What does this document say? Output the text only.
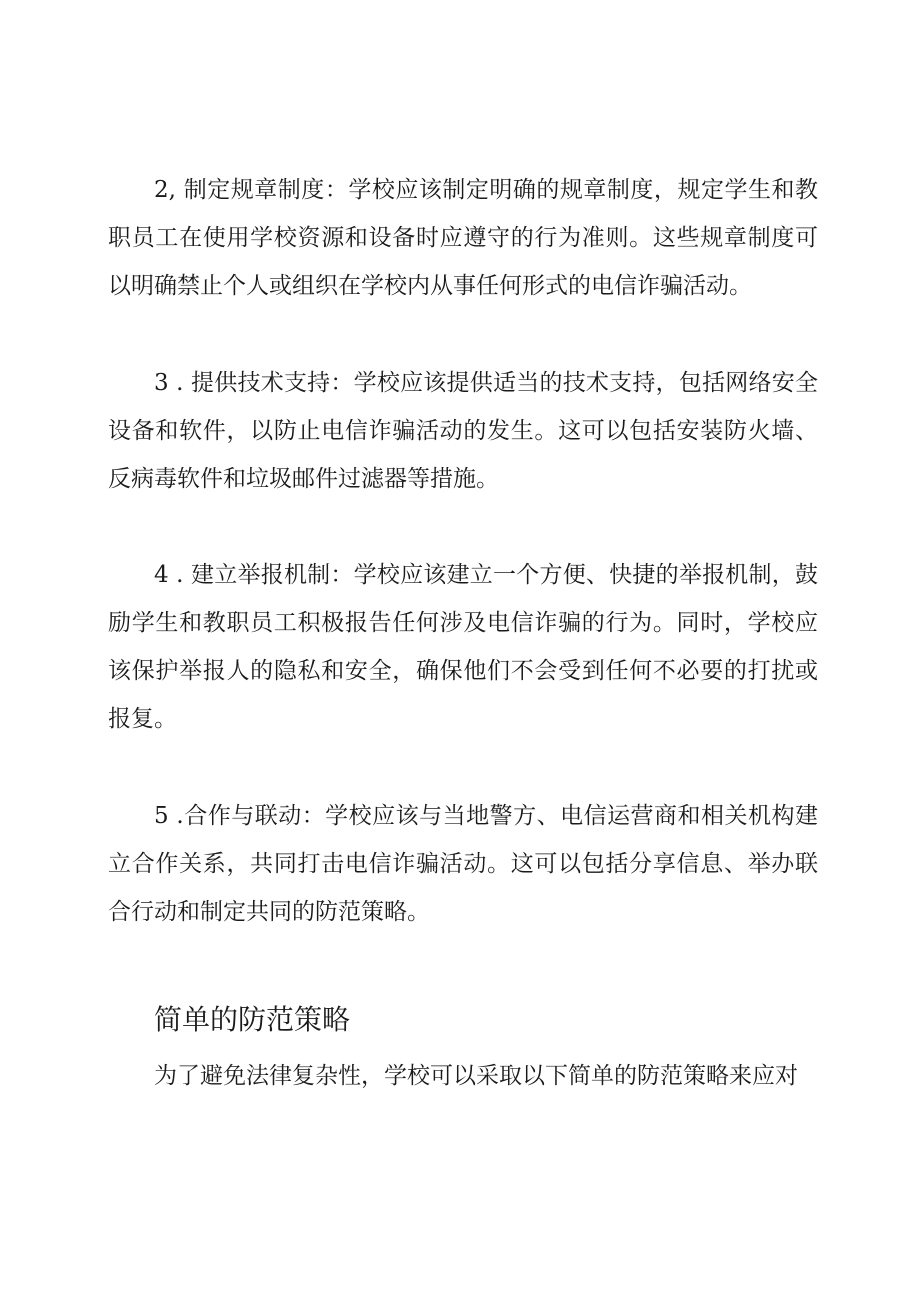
2, 制定规章制度：学校应该制定明确的规章制度，规定学生和教职员工在使用学校资源和设备时应遵守的行为准则。这些规章制度可以明确禁止个人或组织在学校内从事任何形式的电信诈骗活动。

3 . 提供技术支持：学校应该提供适当的技术支持，包括网络安全设备和软件，以防止电信诈骗活动的发生。这可以包括安装防火墙、反病毒软件和垃圾邮件过滤器等措施。

4 . 建立举报机制：学校应该建立一个方便、快捷的举报机制，鼓励学生和教职员工积极报告任何涉及电信诈骗的行为。同时，学校应该保护举报人的隐私和安全，确保他们不会受到任何不必要的打扰或报复。

5 .合作与联动：学校应该与当地警方、电信运营商和相关机构建立合作关系，共同打击电信诈骗活动。这可以包括分享信息、举办联合行动和制定共同的防范策略。

简单的防范策略

为了避免法律复杂性，学校可以采取以下简单的防范策略来应对
